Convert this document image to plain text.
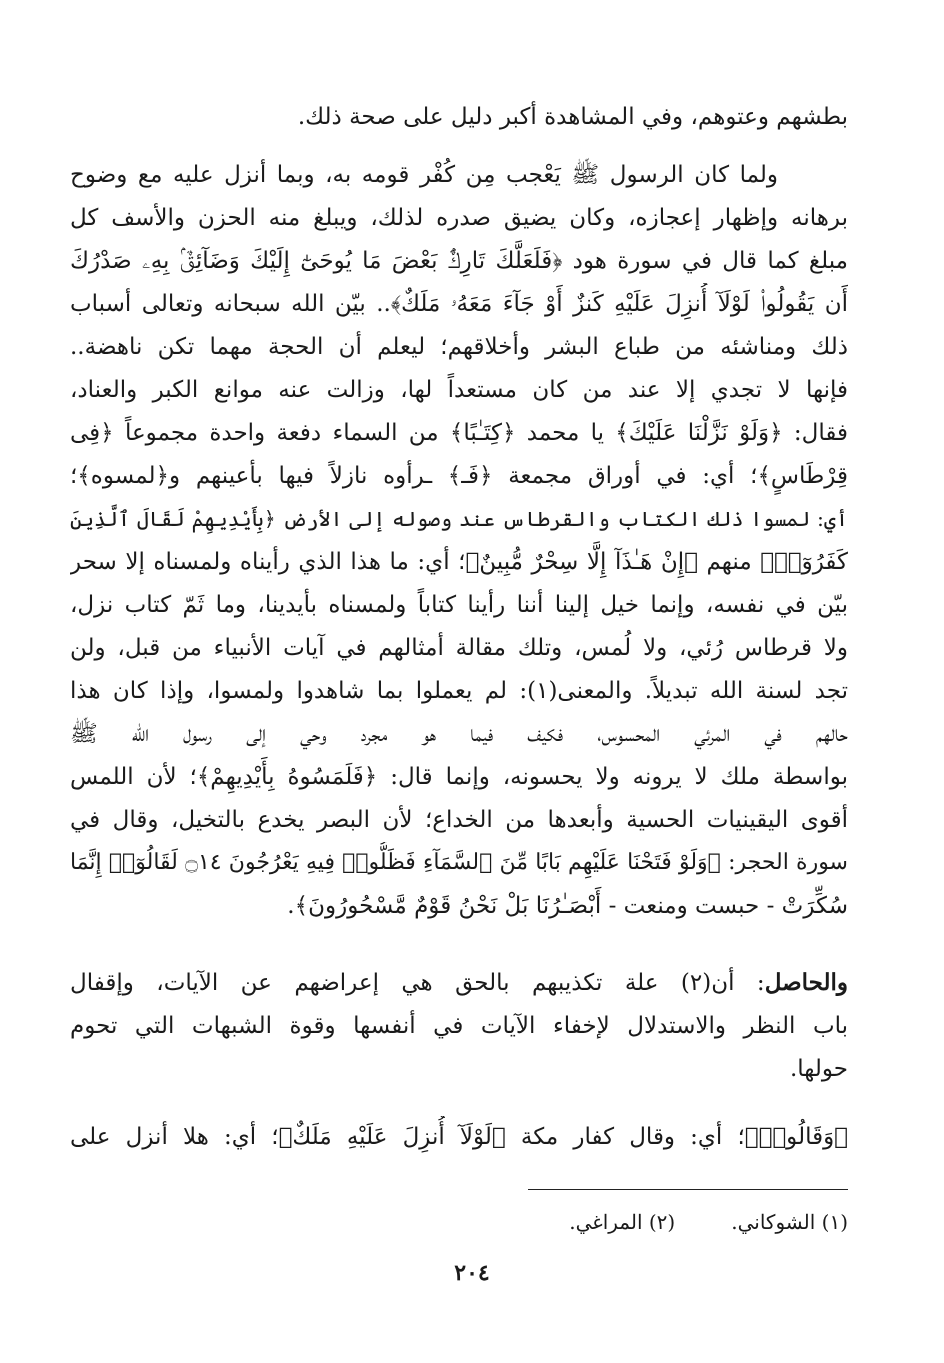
بطشهم وعتوهم، وفي المشاهدة أكبر دليل على صحة ذلك.
ولما كان الرسول ﷺ يَعْجب مِن كُفْر قومه به، وبما أنزل عليه مع وضوح
برهانه وإظهار إعجازه، وكان يضيق صدره لذلك، ويبلغ منه الحزن والأسف كل
مبلغ كما قال في سورة هود ﴿فَلَعَلَّكَ تَارِكٌۢ بَعْضَ مَا يُوحَىٰٓ إِلَيْكَ وَضَآئِقٌۢ بِهِۦ صَدْرُكَ
أَن يَقُولُوا۟ لَوْلَآ أُنزِلَ عَلَيْهِ كَنزٌ أَوْ جَآءَ مَعَهُۥ مَلَكٌ﴾.. بيّن الله سبحانه وتعالى أسباب
ذلك ومناشئه من طباع البشر وأخلاقهم؛ ليعلم أن الحجة مهما تكن ناهضة..
فإنها لا تجدي إلا عند من كان مستعداً لها، وزالت عنه موانع الكبر والعناد،
فقال: ﴿وَلَوْ نَزَّلْنَا عَلَيْكَ﴾ يا محمد ﴿كِتَـٰبًا﴾ من السماء دفعة واحدة مجموعاً ﴿فِى
قِرْطَاسٍ﴾؛ أي: في أوراق مجمعة ﴿فَـ﴾ ـرأوه نازلاً فيها بأعينهم و﴿لمسوه﴾؛
أي: لمسوا ذلك الكتاب والقرطاس عند وصوله إلى الأرض ﴿بِأَيْدِيهِمْ لَقَالَ ٱلَّذِينَ
كَفَرُوٓا۟﴾ منهم ﴿إِنْ هَـٰذَآ إِلَّا سِحْرٌ مُّبِينٌ﴾؛ أي: ما هذا الذي رأيناه ولمسناه إلا سحر
بيّن في نفسه، وإنما خيل إلينا أننا رأينا كتاباً ولمسناه بأيدينا، وما ثَمّ كتاب نزل،
ولا قرطاس رُئي، ولا لُمس، وتلك مقالة أمثالهم في آيات الأنبياء من قبل، ولن
تجد لسنة الله تبديلاً. والمعنى(١): لم يعملوا بما شاهدوا ولمسوا، وإذا كان هذا
حالهم في المرئي المحسوس، فكيف فيما هو مجرد وحي إلى رسول الله ﷺ
بواسطة ملك لا يرونه ولا يحسونه، وإنما قال: ﴿فَلَمَسُوهُ بِأَيْدِيهِمْ﴾؛ لأن اللمس
أقوى اليقينيات الحسية وأبعدها من الخداع؛ لأن البصر يخدع بالتخيل، وقال في
سورة الحجر: ﴿وَلَوْ فَتَحْنَا عَلَيْهِم بَابًا مِّنَ ٱلسَّمَآءِ فَظَلُّوا۟ فِيهِ يَعْرُجُونَ ۝١٤ لَقَالُوٓا۟ إِنَّمَا
سُكِّرَتْ - حبست ومنعت - أَبْصَـٰرُنَا بَلْ نَحْنُ قَوْمٌ مَّسْحُورُونَ﴾.
والحاصل: أن(٢) علة تكذيبهم بالحق هي إعراضهم عن الآيات، وإقفال
باب النظر والاستدلال لإخفاء الآيات في أنفسها وقوة الشبهات التي تحوم
حولها.
﴿وَقَالُوا۟﴾؛ أي: وقال كفار مكة ﴿لَوْلَآ أُنزِلَ عَلَيْهِ مَلَكٌ﴾؛ أي: هلا أنزل على
(١) الشوكاني.(٢) المراغي.
٢٠٤
